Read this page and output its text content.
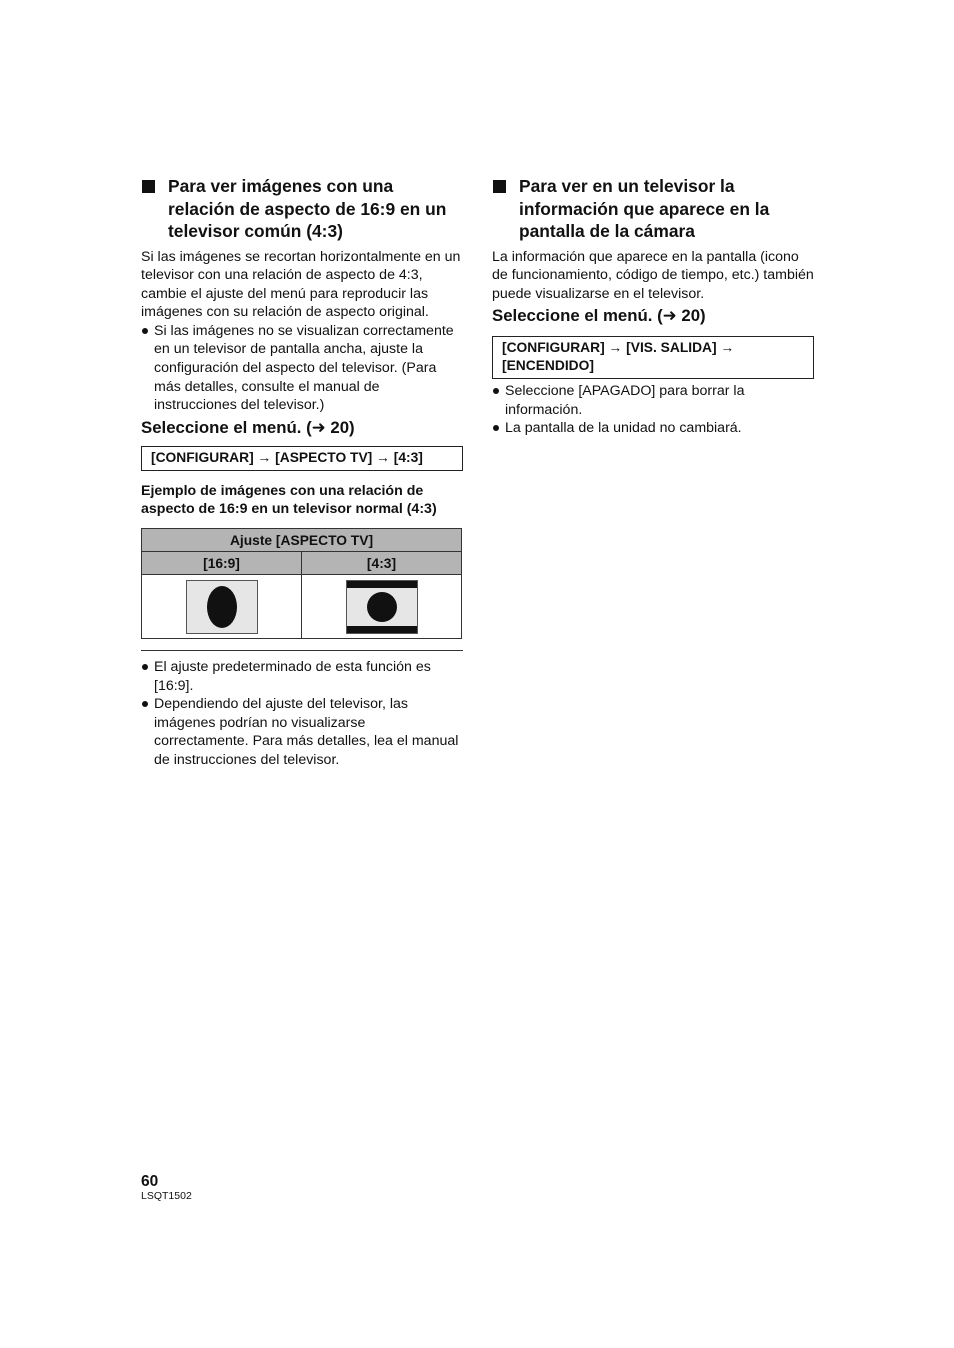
Para ver imágenes con una relación de aspecto de 16:9 en un televisor común (4:3)

Si las imágenes se recortan horizontalmente en un televisor con una relación de aspecto de 4:3, cambie el ajuste del menú para reproducir las imágenes con su relación de aspecto original.

Si las imágenes no se visualizan correctamente en un televisor de pantalla ancha, ajuste la configuración del aspecto del televisor. (Para más detalles, consulte el manual de instrucciones del televisor.)

Seleccione el menú. (➜ 20)

[CONFIGURAR] → [ASPECTO TV] → [4:3]

Ejemplo de imágenes con una relación de aspecto de 16:9 en un televisor normal (4:3)

Ajuste [ASPECTO TV]	
[16:9]	[4:3]

El ajuste predeterminado de esta función es [16:9].
Dependiendo del ajuste del televisor, las imágenes podrían no visualizarse correctamente. Para más detalles, lea el manual de instrucciones del televisor.
Para ver en un televisor la información que aparece en la pantalla de la cámara

La información que aparece en la pantalla (icono de funcionamiento, código de tiempo, etc.) también puede visualizarse en el televisor.

Seleccione el menú. (➜ 20)

[CONFIGURAR] → [VIS. SALIDA] → [ENCENDIDO]
Seleccione [APAGADO] para borrar la información.
La pantalla de la unidad no cambiará.
60
LSQT1502
